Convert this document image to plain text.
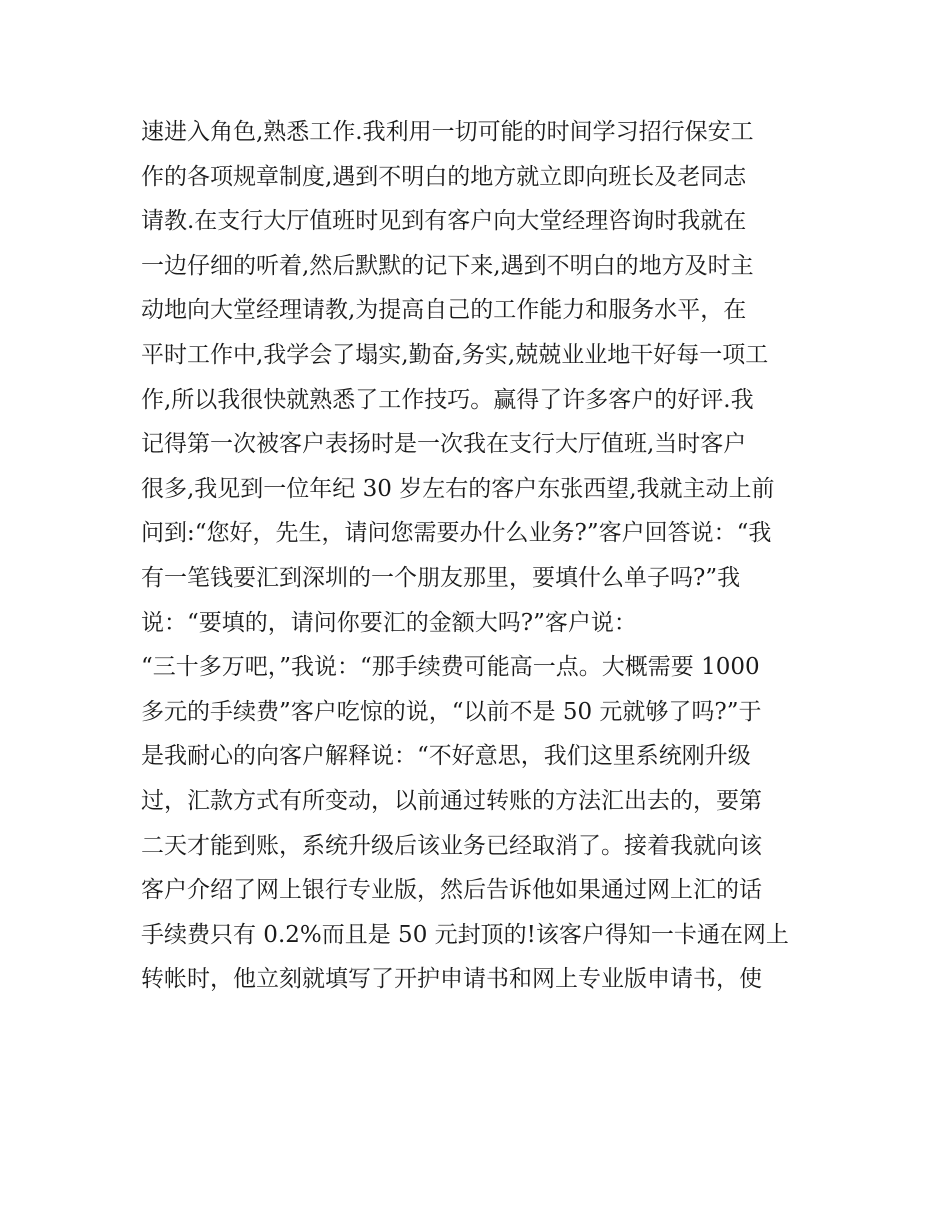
速进入角色,熟悉工作.我利用一切可能的时间学习招行保安工
作的各项规章制度,遇到不明白的地方就立即向班长及老同志
请教.在支行大厅值班时见到有客户向大堂经理咨询时我就在
一边仔细的听着,然后默默的记下来,遇到不明白的地方及时主
动地向大堂经理请教,为提高自己的工作能力和服务水平，在
平时工作中,我学会了塌实,勤奋,务实,兢兢业业地干好每一项工
作,所以我很快就熟悉了工作技巧。赢得了许多客户的好评.我
记得第一次被客户表扬时是一次我在支行大厅值班,当时客户
很多,我见到一位年纪 30 岁左右的客户东张西望,我就主动上前
问到:“您好，先生，请问您需要办什么业务?”客户回答说：“我
有一笔钱要汇到深圳的一个朋友那里，要填什么单子吗?”我
说：“要填的，请问你要汇的金额大吗?”客户说：
“三十多万吧，”我说：“那手续费可能高一点。大概需要 1000
多元的手续费”客户吃惊的说，“以前不是 50 元就够了吗?”于
是我耐心的向客户解释说：“不好意思，我们这里系统刚升级
过，汇款方式有所变动，以前通过转账的方法汇出去的，要第
二天才能到账，系统升级后该业务已经取消了。接着我就向该
客户介绍了网上银行专业版，然后告诉他如果通过网上汇的话
手续费只有 0.2%而且是 50 元封顶的!该客户得知一卡通在网上
转帐时，他立刻就填写了开护申请书和网上专业版申请书，使
